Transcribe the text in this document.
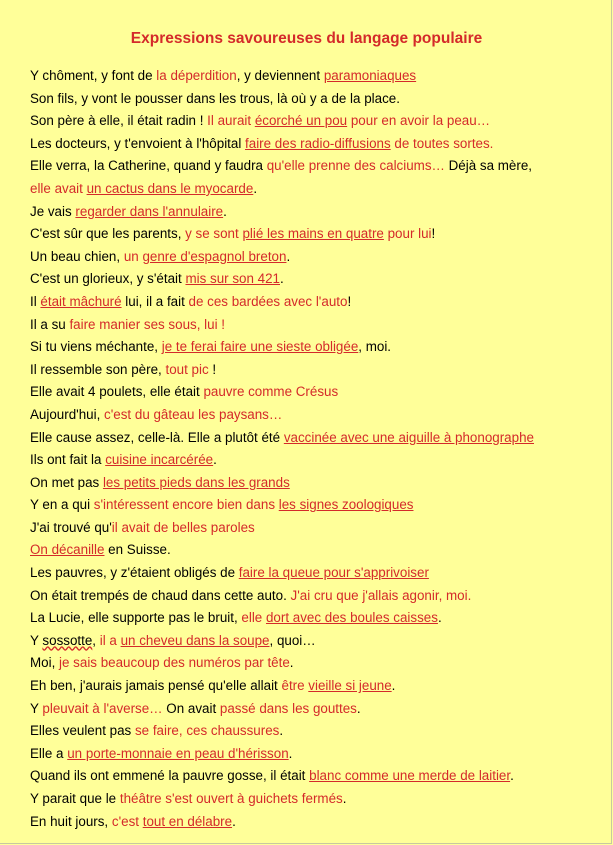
Expressions savoureuses du langage populaire
Y chôment, y font de la déperdition, y deviennent paramoniaques
Son fils, y vont le pousser dans les trous, là où y a de la place.
Son père à elle, il était radin ! Il aurait écorché un pou pour en avoir la peau…
Les docteurs, y t'envoient à l'hôpital faire des radio-diffusions de toutes sortes.
Elle verra, la Catherine, quand y faudra qu'elle prenne des calciums… Déjà sa mère,
elle avait un cactus dans le myocarde.
Je vais regarder dans l'annulaire.
C'est sûr que les parents, y se sont plié les mains en quatre pour lui!
Un beau chien, un genre d'espagnol breton.
C'est un glorieux, y s'était mis sur son 421.
Il était mâchuré lui, il a fait de ces bardées avec l'auto!
Il a su faire manier ses sous, lui !
Si tu viens méchante, je te ferai faire une sieste obligée, moi.
Il ressemble son père, tout pic !
Elle avait 4 poulets, elle était pauvre comme Crésus
Aujourd'hui, c'est du gâteau les paysans…
Elle cause assez, celle-là. Elle a plutôt été vaccinée avec une aiguille à phonographe
Ils ont fait la cuisine incarcérée.
On met pas les petits pieds dans les grands
Y en a qui s'intéressent encore bien dans les signes zoologiques
J'ai trouvé qu'il avait de belles paroles
On décanille en Suisse.
Les pauvres, y z'étaient obligés de faire la queue pour s'apprivoiser
On était trempés de chaud dans cette auto. J'ai cru que j'allais agonir, moi.
La Lucie, elle supporte pas le bruit, elle dort avec des boules caisses.
Y sossotte, il a un cheveu dans la soupe, quoi…
Moi, je sais beaucoup des numéros par tête.
Eh ben, j'aurais jamais pensé qu'elle allait être vieille si jeune.
Y pleuvait à l'averse… On avait passé dans les gouttes.
Elles veulent pas se faire, ces chaussures.
Elle a un porte-monnaie en peau d'hérisson.
Quand ils ont emmené la pauvre gosse, il était blanc comme une merde de laitier.
Y parait que le théâtre s'est ouvert à guichets fermés.
En huit jours, c'est tout en délabre.
